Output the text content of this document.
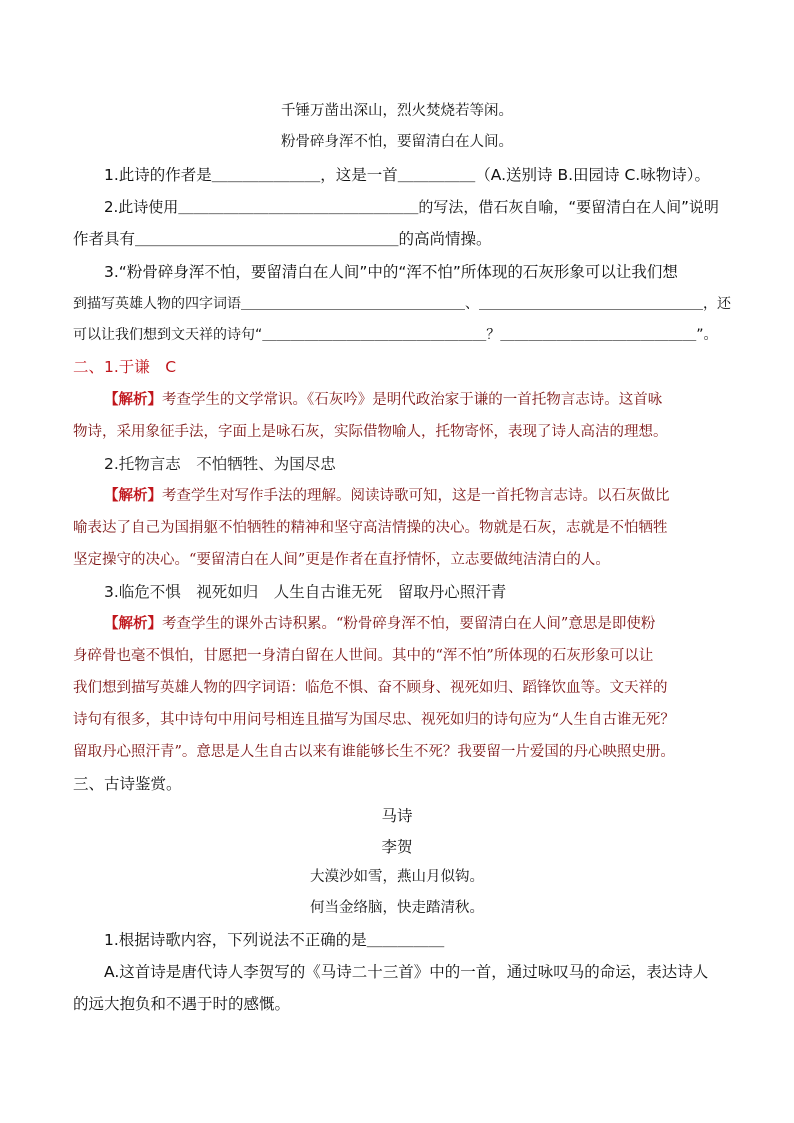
千锤万凿出深山，烈火焚烧若等闲。
粉骨碎身浑不怕，要留清白在人间。
1.此诗的作者是＿＿＿＿＿＿＿，这是一首＿＿＿＿＿（A.送别诗 B.田园诗 C.咏物诗）。
2.此诗使用＿＿＿＿＿＿＿＿＿＿＿＿＿＿＿＿的写法，借石灰自喻，“要留清白在人间”说明
作者具有＿＿＿＿＿＿＿＿＿＿＿＿＿＿＿＿＿的高尚情操。
3.“粉骨碎身浑不怕，要留清白在人间”中的“浑不怕”所体现的石灰形象可以让我们想
到描写英雄人物的四字词语＿＿＿＿＿＿＿＿＿＿＿＿＿＿＿＿、＿＿＿＿＿＿＿＿＿＿＿＿＿＿＿＿，还
可以让我们想到文天祥的诗句“＿＿＿＿＿＿＿＿＿＿＿＿＿＿＿＿？＿＿＿＿＿＿＿＿＿＿＿＿＿＿”。
二、1.于谦　C
【解析】考查学生的文学常识。《石灰吟》是明代政治家于谦的一首托物言志诗。这首咏
物诗，采用象征手法，字面上是咏石灰，实际借物喻人，托物寄怀，表现了诗人高洁的理想。
2.托物言志　不怕牺牲、为国尽忠
【解析】考查学生对写作手法的理解。阅读诗歌可知，这是一首托物言志诗。以石灰做比
喻表达了自己为国捐躯不怕牺牲的精神和坚守高洁情操的决心。物就是石灰，志就是不怕牺牲
坚定操守的决心。“要留清白在人间”更是作者在直抒情怀，立志要做纯洁清白的人。
3.临危不惧　视死如归　人生自古谁无死　留取丹心照汗青
【解析】考查学生的课外古诗积累。“粉骨碎身浑不怕，要留清白在人间”意思是即使粉
身碎骨也毫不惧怕，甘愿把一身清白留在人世间。其中的“浑不怕”所体现的石灰形象可以让
我们想到描写英雄人物的四字词语：临危不惧、奋不顾身、视死如归、蹈锋饮血等。文天祥的
诗句有很多，其中诗句中用问号相连且描写为国尽忠、视死如归的诗句应为“人生自古谁无死？
留取丹心照汗青”。意思是人生自古以来有谁能够长生不死？我要留一片爱国的丹心映照史册。
三、古诗鉴赏。
马诗
李贺
大漠沙如雪，燕山月似钩。
何当金络脑，快走踏清秋。
1.根据诗歌内容，下列说法不正确的是＿＿＿＿＿
A.这首诗是唐代诗人李贺写的《马诗二十三首》中的一首，通过咏叹马的命运，表达诗人
的远大抱负和不遇于时的感慨。
